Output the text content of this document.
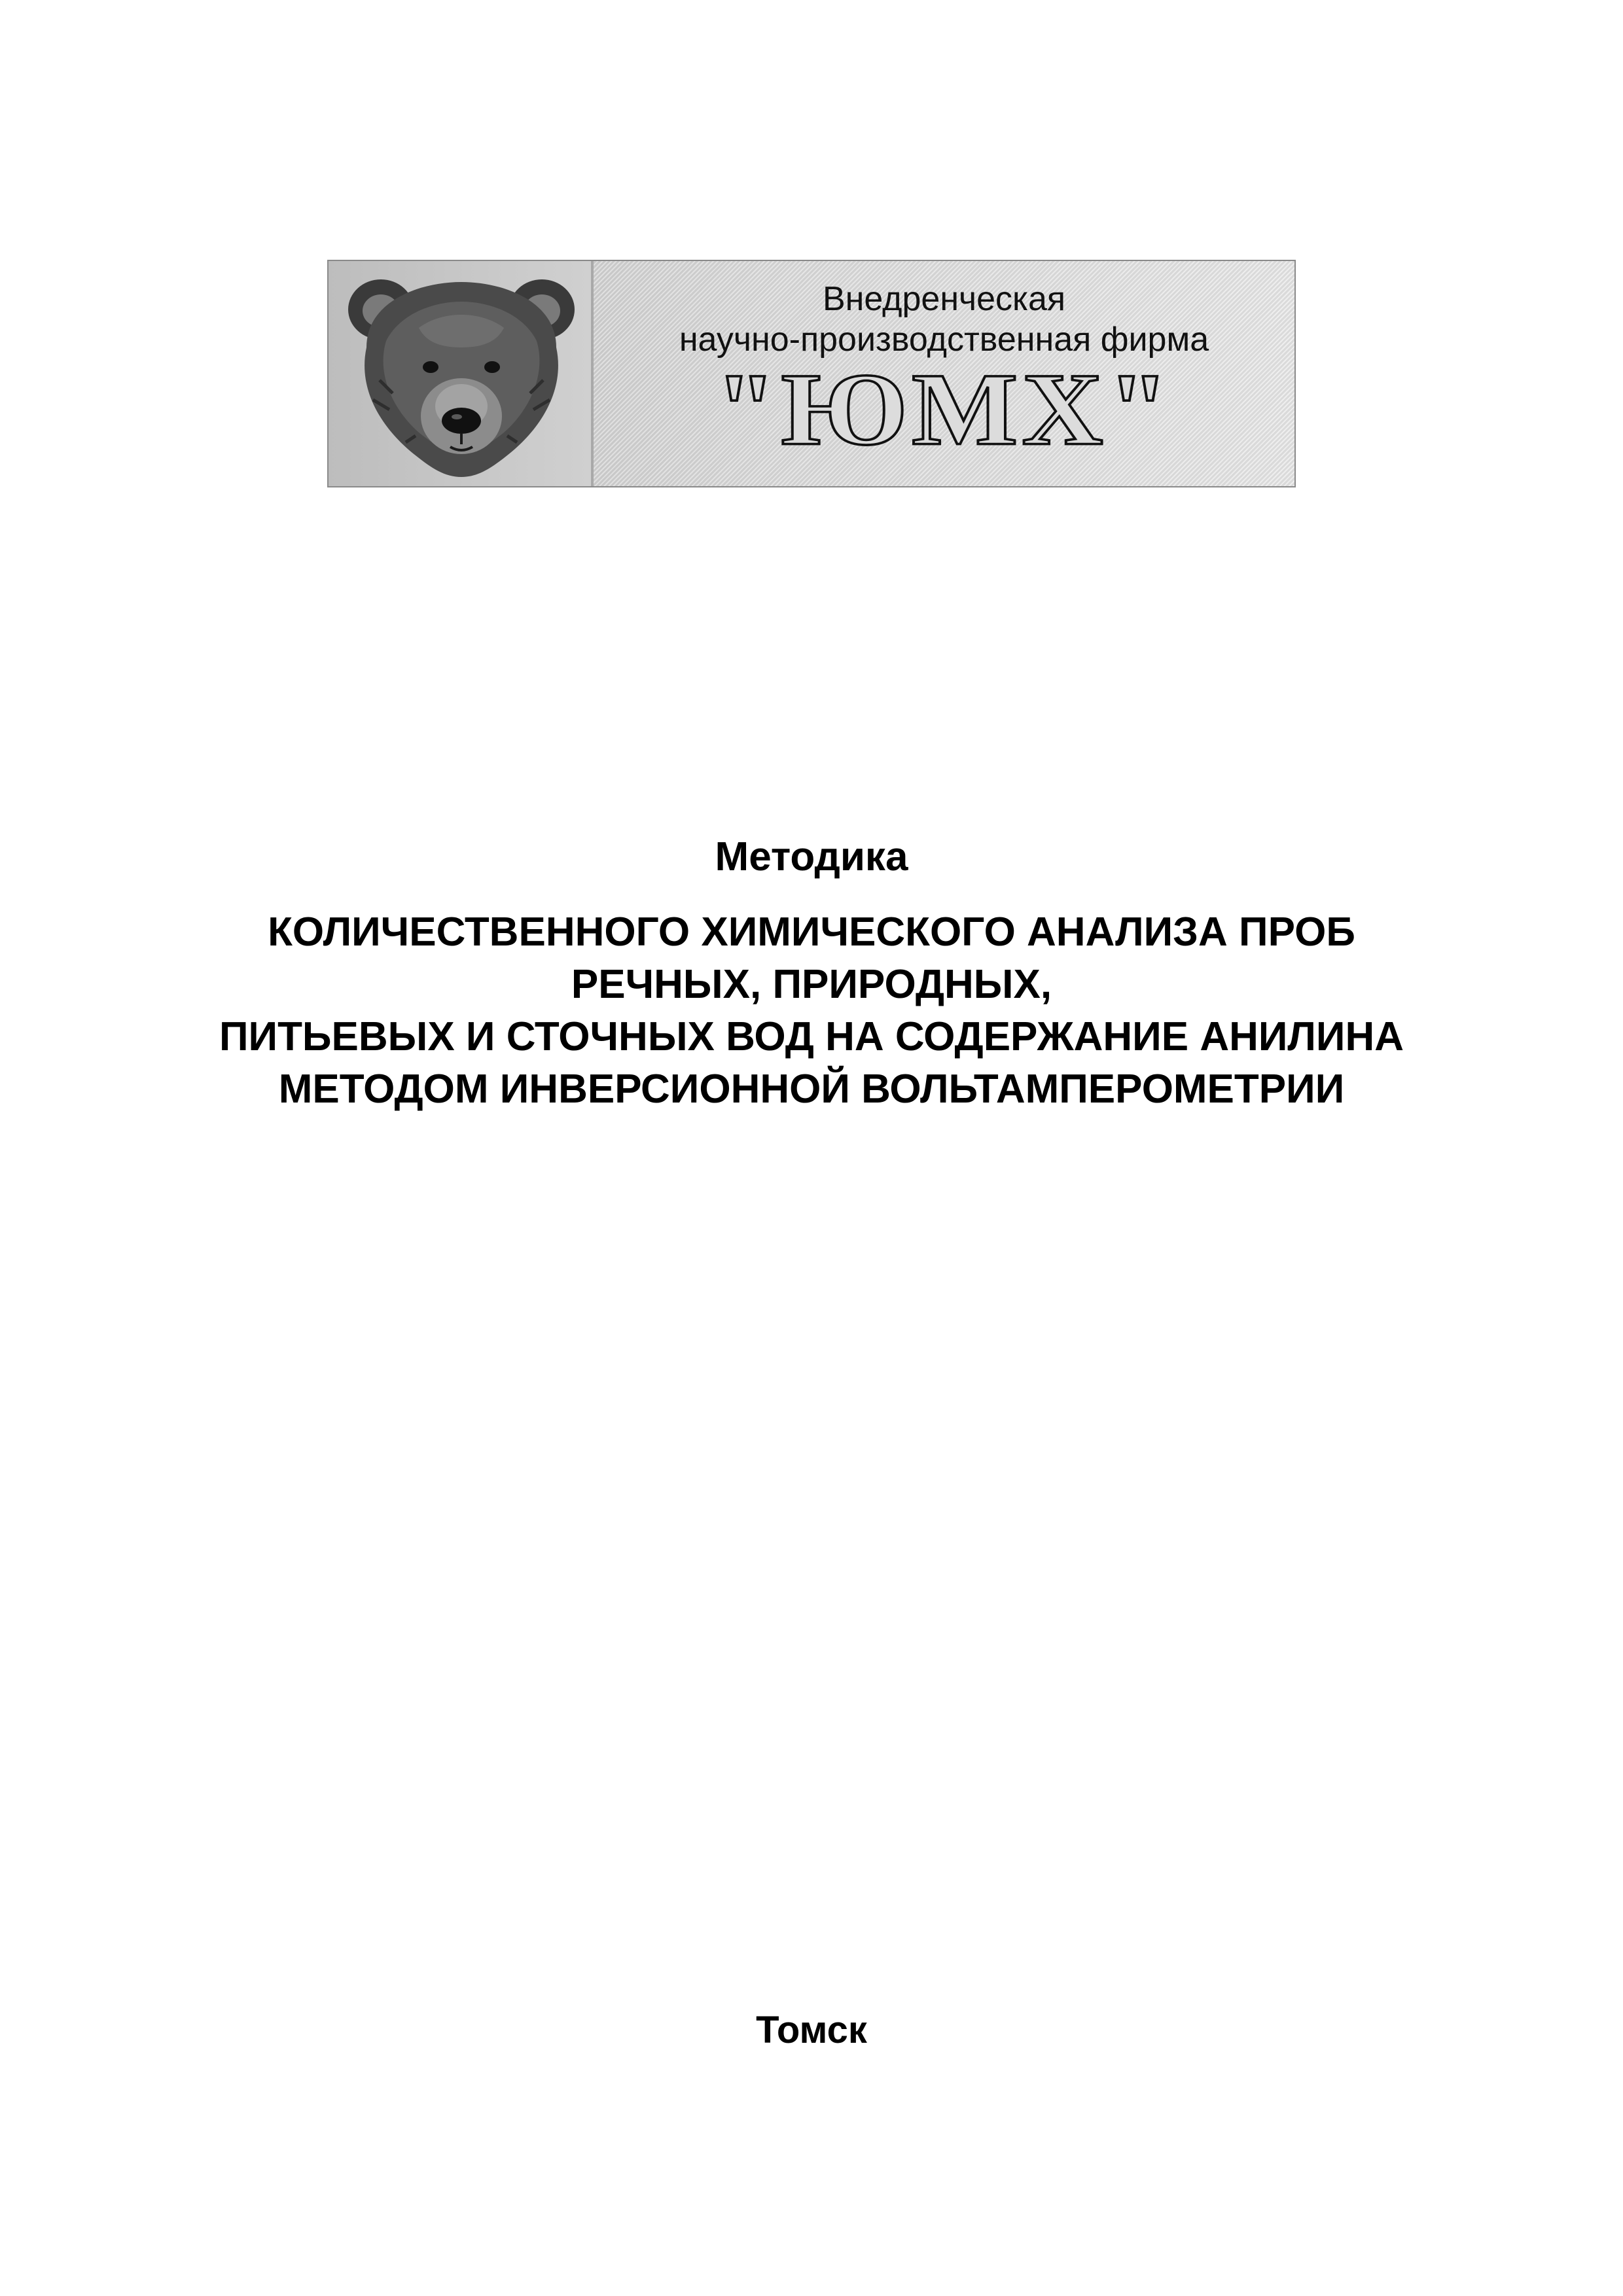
Внедренческая
научно-производственная фирма
"ЮМХ"
Методика
КОЛИЧЕСТВЕННОГО ХИМИЧЕСКОГО АНАЛИЗА ПРОБ
РЕЧНЫХ, ПРИРОДНЫХ,
ПИТЬЕВЫХ И СТОЧНЫХ ВОД НА СОДЕРЖАНИЕ АНИЛИНА
МЕТОДОМ ИНВЕРСИОННОЙ ВОЛЬТАМПЕРОМЕТРИИ
Томск
